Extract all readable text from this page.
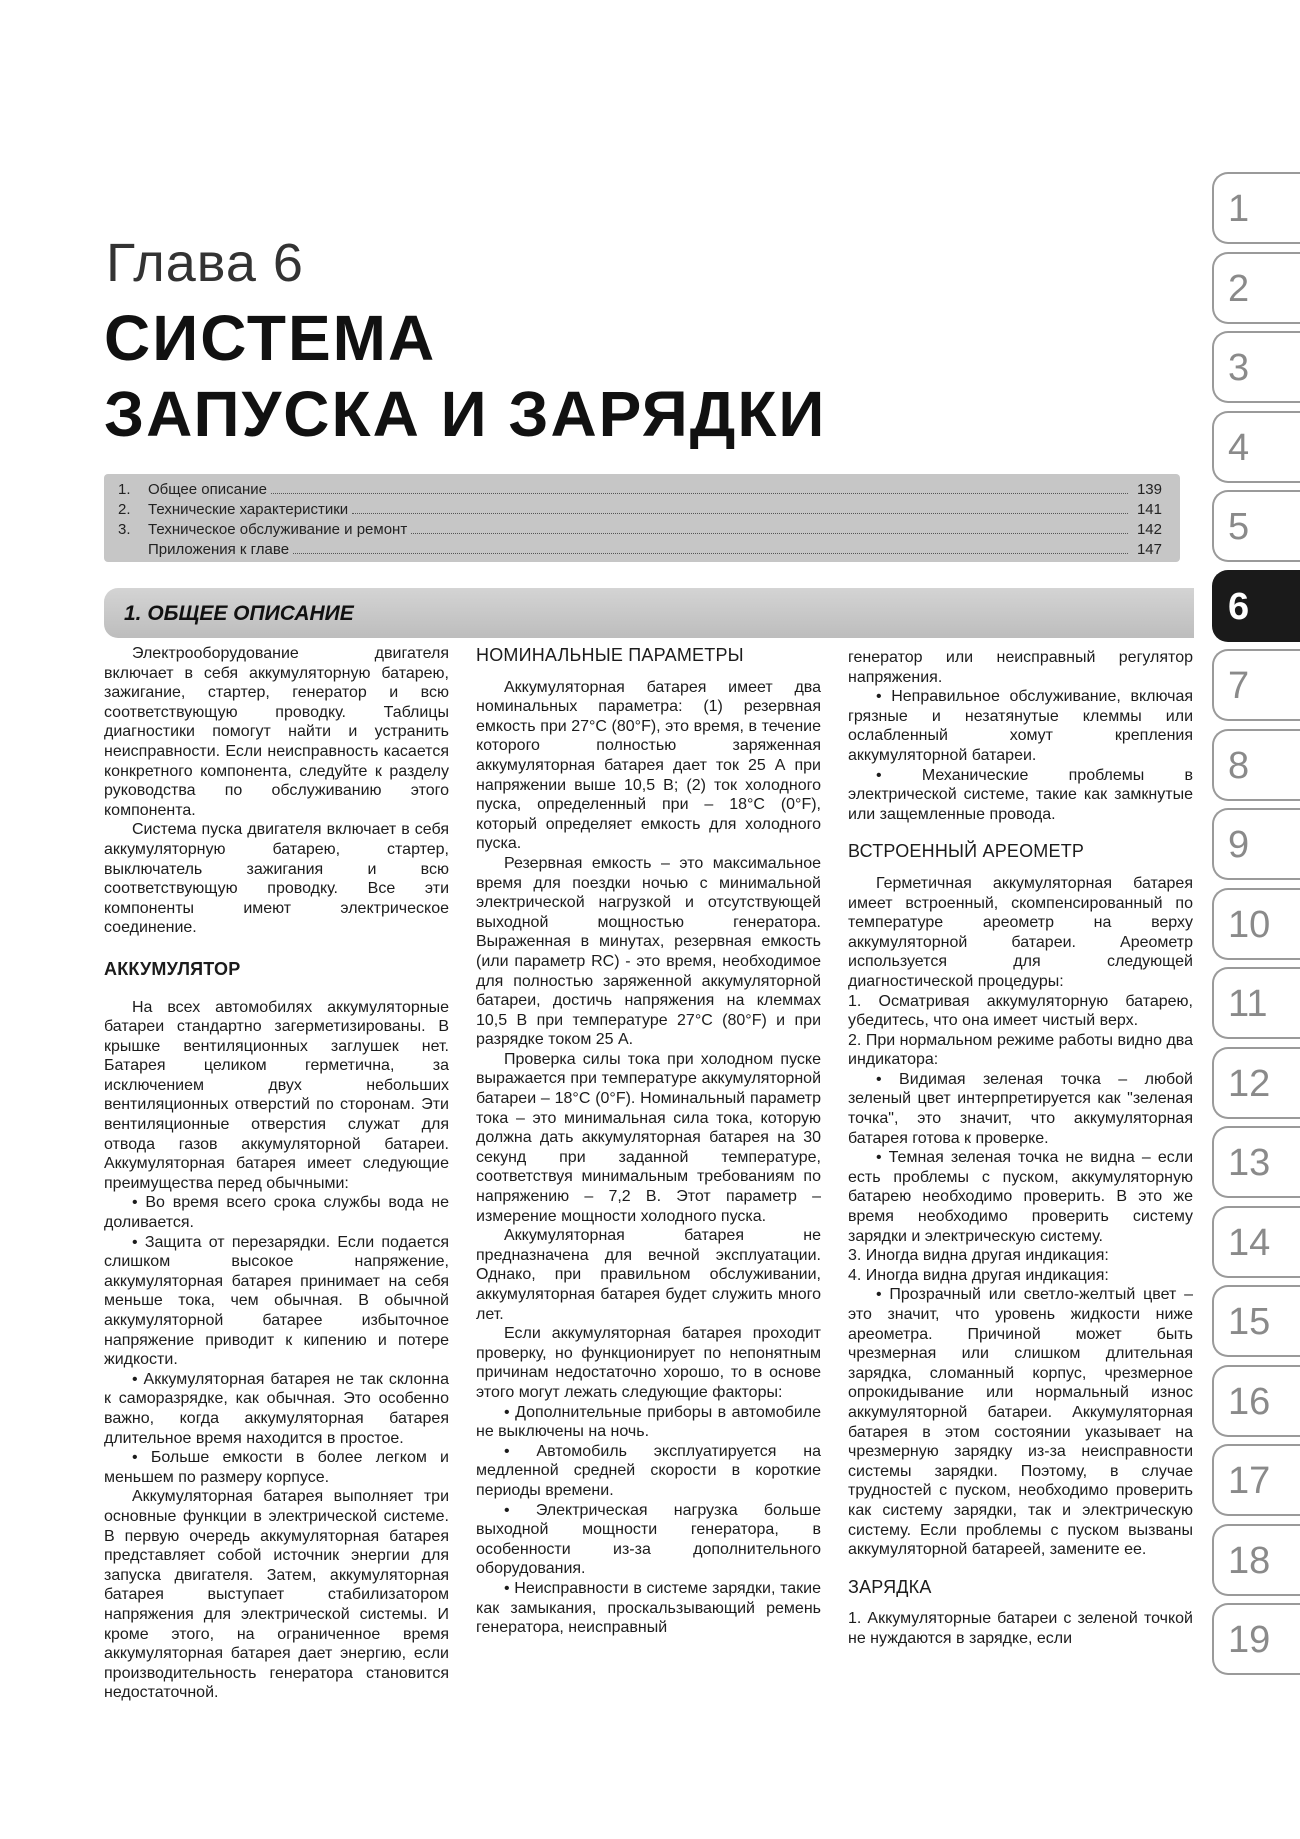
Глава 6
СИСТЕМА
ЗАПУСКА И ЗАРЯДКИ
1.	Общее описание	139
2.	Технические характеристики	141
3.	Техническое обслуживание и ремонт	142
Приложения к главе	147
1. ОБЩЕЕ ОПИСАНИЕ

Электрооборудование двигателя включает в себя аккумуляторную батарею, зажигание, стартер, генератор и всю соответствующую проводку. Таблицы диагностики помогут найти и устранить неисправности. Если неисправность касается конкретного компонента, следуйте к разделу руководства по обслуживанию этого компонента.

Система пуска двигателя включает в себя аккумуляторную батарею, стартер, выключатель зажигания и всю соответствующую проводку. Все эти компоненты имеют электрическое соединение.

АККУМУЛЯТОР

На всех автомобилях аккумуляторные батареи стандартно загерметизированы. В крышке вентиляционных заглушек нет. Батарея целиком герметична, за исключением двух небольших вентиляционных отверстий по сторонам. Эти вентиляционные отверстия служат для отвода газов аккумуляторной батареи. Аккумуляторная батарея имеет следующие преимущества перед обычными:

• Во время всего срока службы вода не доливается.

• Защита от перезарядки. Если подается слишком высокое напряжение, аккумуляторная батарея принимает на себя меньше тока, чем обычная. В обычной аккумуляторной батарее избыточное напряжение приводит к кипению и потере жидкости.

• Аккумуляторная батарея не так склонна к саморазрядке, как обычная. Это особенно важно, когда аккумуляторная батарея длительное время находится в простое.

• Больше емкости в более легком и меньшем по размеру корпусе.

Аккумуляторная батарея выполняет три основные функции в электрической системе. В первую очередь аккумуляторная батарея представляет собой источник энергии для запуска двигателя. Затем, аккумуляторная батарея выступает стабилизатором напряжения для электрической системы. И кроме этого, на ограниченное время аккумуляторная батарея дает энергию, если производительность генератора становится недостаточной.

НОМИНАЛЬНЫЕ ПАРАМЕТРЫ

Аккумуляторная батарея имеет два номинальных параметра: (1) резервная емкость при 27°C (80°F), это время, в течение которого полностью заряженная аккумуляторная батарея дает ток 25 А при напряжении выше 10,5 В; (2) ток холодного пуска, определенный при – 18°C (0°F), который определяет емкость для холодного пуска.

Резервная емкость – это максимальное время для поездки ночью с минимальной электрической нагрузкой и отсутствующей выходной мощностью генератора. Выраженная в минутах, резервная емкость (или параметр RC) - это время, необходимое для полностью заряженной аккумуляторной батареи, достичь напряжения на клеммах 10,5 В при температуре 27°C (80°F) и при разрядке током 25 А.

Проверка силы тока при холодном пуске выражается при температуре аккумуляторной батареи – 18°C (0°F). Номинальный параметр тока – это минимальная сила тока, которую должна дать аккумуляторная батарея на 30 секунд при заданной температуре, соответствуя минимальным требованиям по напряжению – 7,2 В. Этот параметр – измерение мощности холодного пуска.

Аккумуляторная батарея не предназначена для вечной эксплуатации. Однако, при правильном обслуживании, аккумуляторная батарея будет служить много лет.

Если аккумуляторная батарея проходит проверку, но функционирует по непонятным причинам недостаточно хорошо, то в основе этого могут лежать следующие факторы:

• Дополнительные приборы в автомобиле не выключены на ночь.

• Автомобиль эксплуатируется на медленной средней скорости в короткие периоды времени.

• Электрическая нагрузка больше выходной мощности генератора, в особенности из-за дополнительного оборудования.

• Неисправности в системе зарядки, такие как замыкания, проскальзывающий ремень генератора, неисправный

генератор или неисправный регулятор напряжения.

• Неправильное обслуживание, включая грязные и незатянутые клеммы или ослабленный хомут крепления аккумуляторной батареи.

• Механические проблемы в электрической системе, такие как замкнутые или защемленные провода.

ВСТРОЕННЫЙ АРЕОМЕТР

Герметичная аккумуляторная батарея имеет встроенный, скомпенсированный по температуре ареометр на верху аккумуляторной батареи. Ареометр используется для следующей диагностической процедуры:

1. Осматривая аккумуляторную батарею, убедитесь, что она имеет чистый верх.

2. При нормальном режиме работы видно два индикатора:

• Видимая зеленая точка – любой зеленый цвет интерпретируется как "зеленая точка", это значит, что аккумуляторная батарея готова к проверке.

• Темная зеленая точка не видна – если есть проблемы с пуском, аккумуляторную батарею необходимо проверить. В это же время необходимо проверить систему зарядки и электрическую систему.

3. Иногда видна другая индикация:

4. Иногда видна другая индикация:

• Прозрачный или светло-желтый цвет – это значит, что уровень жидкости ниже ареометра. Причиной может быть чрезмерная или слишком длительная зарядка, сломанный корпус, чрезмерное опрокидывание или нормальный износ аккумуляторной батареи. Аккумуляторная батарея в этом состоянии указывает на чрезмерную зарядку из-за неисправности системы зарядки. Поэтому, в случае трудностей с пуском, необходимо проверить как систему зарядки, так и электрическую систему. Если проблемы с пуском вызваны аккумуляторной батареей, замените ее.

ЗАРЯДКА

1. Аккумуляторные батареи с зеленой точкой не нуждаются в зарядке, если

1
2
3
4
5
6
7
8
9
10
11
12
13
14
15
16
17
18
19
